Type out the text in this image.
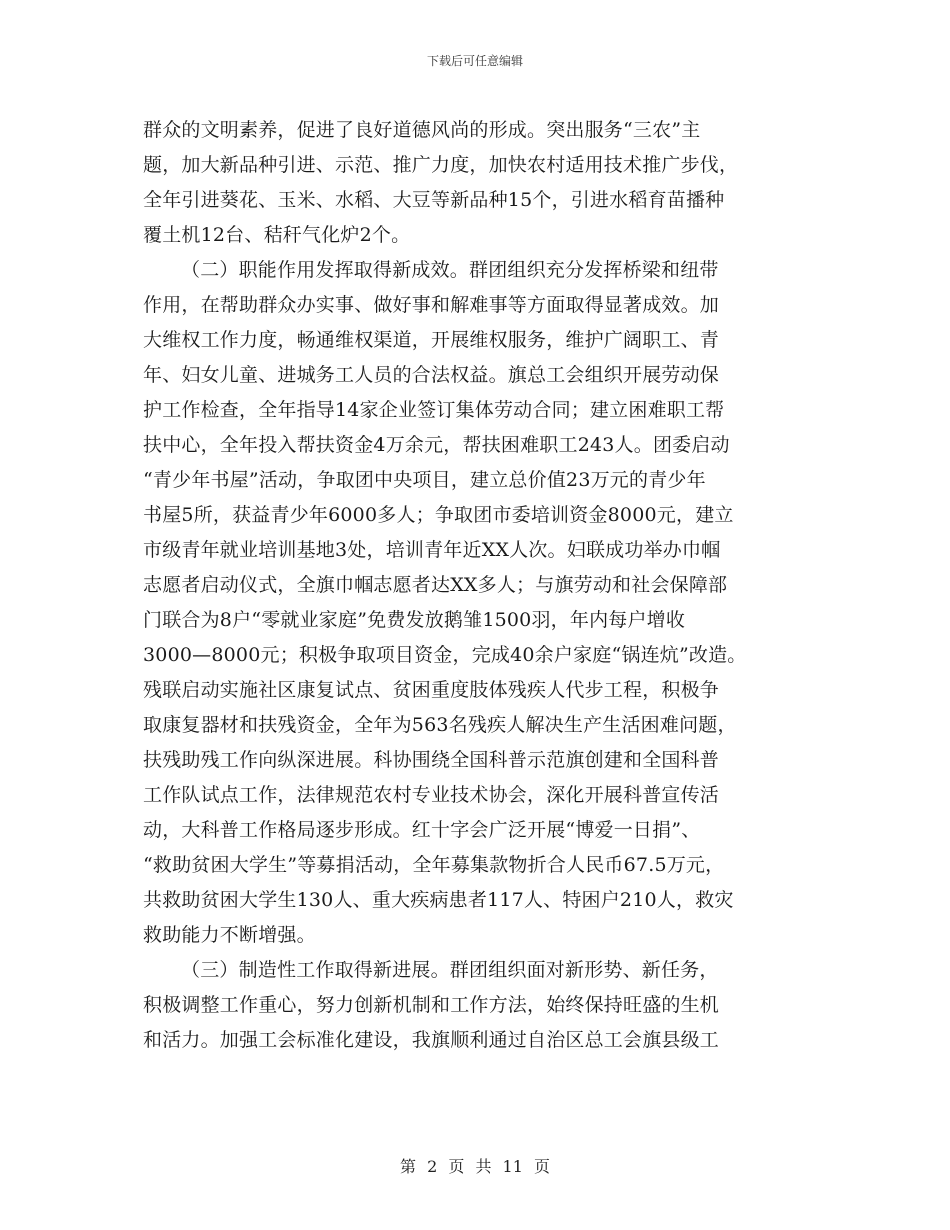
下载后可任意编辑
群众的文明素养，促进了良好道德风尚的形成。突出服务“三农”主
题，加大新品种引进、示范、推广力度，加快农村适用技术推广步伐，
全年引进葵花、玉米、水稻、大豆等新品种15个，引进水稻育苗播种
覆土机12台、秸秆气化炉2个。
（二）职能作用发挥取得新成效。群团组织充分发挥桥梁和纽带
作用，在帮助群众办实事、做好事和解难事等方面取得显著成效。加
大维权工作力度，畅通维权渠道，开展维权服务，维护广阔职工、青
年、妇女儿童、进城务工人员的合法权益。旗总工会组织开展劳动保
护工作检查，全年指导14家企业签订集体劳动合同；建立困难职工帮
扶中心，全年投入帮扶资金4万余元，帮扶困难职工243人。团委启动
“青少年书屋”活动，争取团中央项目，建立总价值23万元的青少年
书屋5所，获益青少年6000多人；争取团市委培训资金8000元，建立
市级青年就业培训基地3处，培训青年近XX人次。妇联成功举办巾帼
志愿者启动仪式，全旗巾帼志愿者达XX多人；与旗劳动和社会保障部
门联合为8户“零就业家庭”免费发放鹅雏1500羽，年内每户增收
3000—8000元；积极争取项目资金，完成40余户家庭“锅连炕”改造。
残联启动实施社区康复试点、贫困重度肢体残疾人代步工程，积极争
取康复器材和扶残资金，全年为563名残疾人解决生产生活困难问题，
扶残助残工作向纵深进展。科协围绕全国科普示范旗创建和全国科普
工作队试点工作，法律规范农村专业技术协会，深化开展科普宣传活
动，大科普工作格局逐步形成。红十字会广泛开展“博爱一日捐”、
“救助贫困大学生”等募捐活动，全年募集款物折合人民币67.5万元，
共救助贫困大学生130人、重大疾病患者117人、特困户210人，救灾
救助能力不断增强。
（三）制造性工作取得新进展。群团组织面对新形势、新任务，
积极调整工作重心，努力创新机制和工作方法，始终保持旺盛的生机
和活力。加强工会标准化建设，我旗顺利通过自治区总工会旗县级工
第 2 页 共 11 页
